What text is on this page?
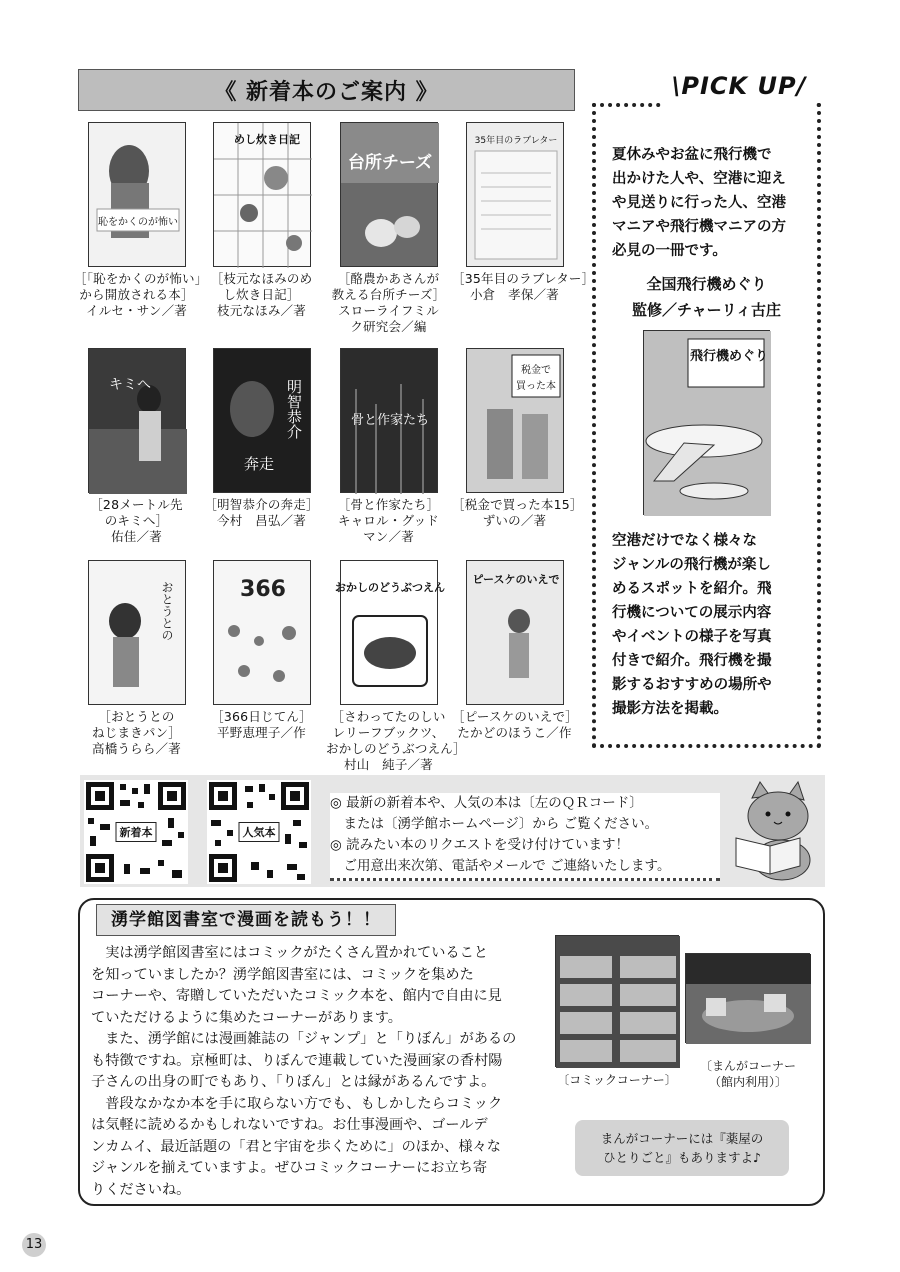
《 新着本のご案内 》
恥をかくのが怖い
［「恥をかくのが怖い」
から開放される本］
イルセ・サン／著
めし炊き日記
［枝元なほみのめ
し炊き日記］
枝元なほみ／著
台所チーズ
［酪農かあさんが
教える台所チーズ］
スローライフミル
ク研究会／編
35年目のラブレター
［35年目のラブレター］
小倉　孝保／著
キミへ
［28メートル先
のキミへ］
佑佳／著
明智恭介
奔走
［明智恭介の奔走］
今村　昌弘／著
骨と作家たち
［骨と作家たち］
キャロル・グッド
マン／著
税金で
買った本
［税金で買った本15］
ずいの／著
おとうとの
［おとうとの
ねじまきパン］
高橋うらら／著
366
［366日じてん］
平野恵理子／作
おかしのどうぶつえん
［さわってたのしい
レリーフブックツ、
おかしのどうぶつえん］
村山　純子／著
ピースケのいえで
［ピースケのいえで］
たかどのほうこ／作
夏休みやお盆に飛行機で
出かけた人や、空港に迎え
や見送りに行った人、空港
マニアや飛行機マニアの方
必見の一冊です。
全国飛行機めぐり
監修／チャーリィ古庄
飛行機めぐり
空港だけでなく様々な
ジャンルの飛行機が楽し
めるスポットを紹介。飛
行機についての展示内容
やイベントの様子を写真
付きで紹介。飛行機を撮
影するおすすめの場所や
撮影方法を掲載。
\PICK UP/
新着本	人気本
◎ 最新の新着本や、人気の本は〔左のＱＲコード〕
　または〔湧学館ホームページ〕から ご覧ください。
◎ 読みたい本のリクエストを受け付けています！
　ご用意出来次第、電話やメールで ご連絡いたします。
湧学館図書室で漫画を読もう！！

　実は湧学館図書室にはコミックがたくさん置かれていること

を知っていましたか？湧学館図書室には、コミックを集めた

コーナーや、寄贈していただいたコミック本を、館内で自由に見

ていただけるように集めたコーナーがあります。

　また、湧学館には漫画雑誌の「ジャンプ」と「りぼん」があるの

も特徴ですね。京極町は、りぼんで連載していた漫画家の香村陽

子さんの出身の町でもあり、「りぼん」とは縁があるんですよ。

　普段なかなか本を手に取らない方でも、もしかしたらコミック

は気軽に読めるかもしれないですね。お仕事漫画や、ゴールデ

ンカムイ、最近話題の「君と宇宙を歩くために」のほか、様々な

ジャンルを揃えていますよ。ぜひコミックコーナーにお立ち寄

りくださいね。

〔コミックコーナー〕
〔まんがコーナー
（館内利用）〕
まんがコーナーには『薬屋の
ひとりごと』もありますよ♪
13
